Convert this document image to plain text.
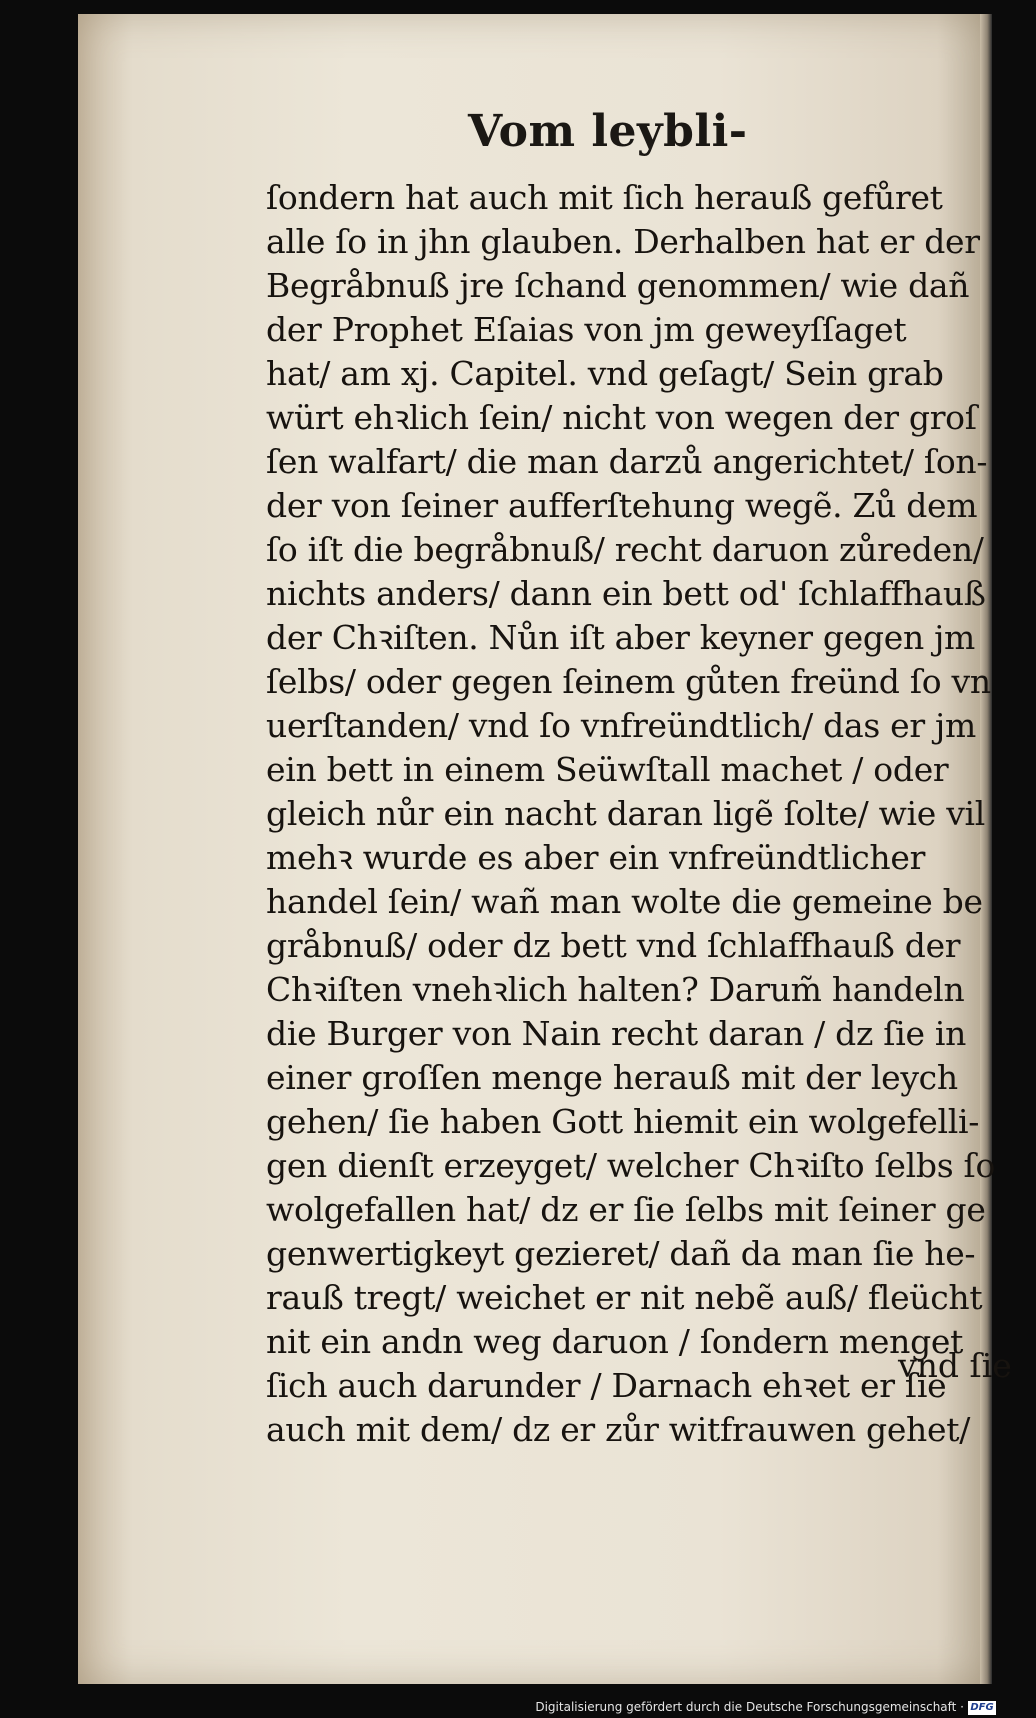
Vom leybli-
ſondern hat auch mit ſich herauß gefůret
alle ſo in jhn glauben. Derhalben hat er der
Begråbnuß jre ſchand genommen/ wie dañ
der Prophet Eſaias von jm geweyſſaget
hat/ am xj. Capitel. vnd geſagt/ Sein grab
würt ehꝛlich ſein/ nicht von wegen der groſ
ſen walfart/ die man darzů angerichtet/ ſon-
der von ſeiner aufferſtehung wegẽ. Zů dem
ſo iſt die begråbnuß/ recht daruon zůreden/
nichts anders/ dann ein bett od' ſchlaffhauß
der Chꝛiſten. Nůn iſt aber keyner gegen jm
ſelbs/ oder gegen ſeinem gůten freünd ſo vn
uerſtanden/ vnd ſo vnfreündtlich/ das er jm
ein bett in einem Seüwſtall machet / oder
gleich nůr ein nacht daran ligẽ ſolte/ wie vil
mehꝛ wurde es aber ein vnfreündtlicher
handel ſein/ wañ man wolte die gemeine be
gråbnuß/ oder dz bett vnd ſchlaffhauß der
Chꝛiſten vnehꝛlich halten? Darum̃ handeln
die Burger von Nain recht daran / dz ſie in
einer groſſen menge herauß mit der leych
gehen/ ſie haben Gott hiemit ein wolgefelli-
gen dienſt erzeyget/ welcher Chꝛiſto ſelbs ſo
wolgefallen hat/ dz er ſie ſelbs mit ſeiner ge
genwertigkeyt gezieret/ dañ da man ſie he-
rauß tregt/ weichet er nit nebẽ auß/ fleücht
nit ein andn weg daruon / ſondern menget
ſich auch darunder / Darnach ehꝛet er ſie
auch mit dem/ dz er zůr witfrauwen gehet/
vnd ſie
Digitalisierung gefördert durch die Deutsche Forschungsgemeinschaft · DFG
